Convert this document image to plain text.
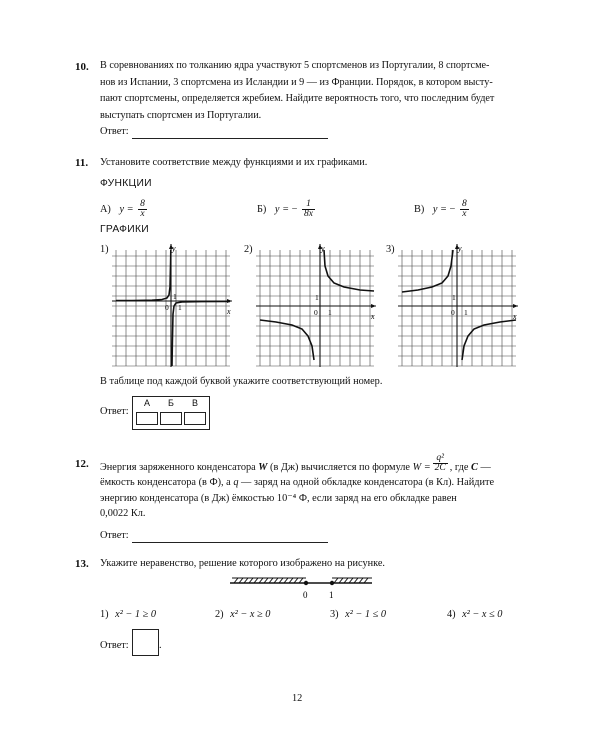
10. В соревнованиях по толканию ядра участвуют 5 спортсменов из Португалии, 8 спортсме-
нов из Испании, 3 спортсмена из Исландии и 9 — из Франции. Порядок, в котором высту-
пают спортсмены, определяется жребием. Найдите вероятность того, что последним будет
выступать спортсмен из Португалии.
Ответ:
11. Установите соответствие между функциями и их графиками.
ФУНКЦИИ
А) $y = \frac{8}{x}$	Б) y = − $\frac{1}{8x}$	В) y = − $\frac{8}{x}$
ГРАФИКИ
1)	2)	3)
y
x
1
1
0
y
x
1
1
0
y
x
1
1
0
В таблице под каждой буквой укажите соответствующий номер.
Ответ:
А	Б	В
12. Энергия заряженного конденсатора W (в Дж) вычисляется по формуле $W = \frac{\text{q²}}{2C}$ , где C —
ёмкость конденсатора (в Ф), а q — заряд на одной обкладке конденсатора (в Кл). Найдите
энергию конденсатора (в Дж) ёмкостью 10⁻⁴ Ф, если заряд на его обкладке равен
0,0022 Кл.
Ответ:
13. Укажите неравенство, решение которого изображено на рисунке.
0 1
1) x² − 1 ≥ 0	2) x² − x ≥ 0	3) x² − 1 ≤ 0	4) x² − x ≤ 0
Ответ:	.
12
